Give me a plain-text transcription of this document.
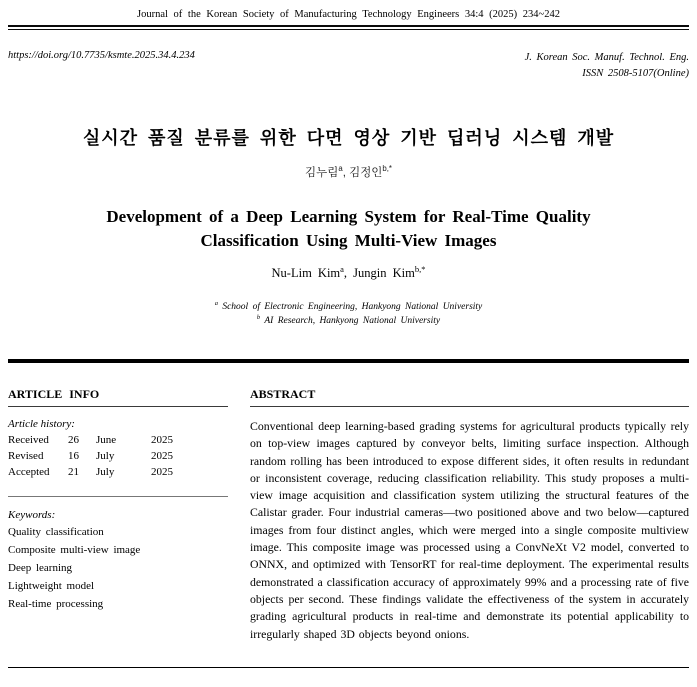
Journal of the Korean Society of Manufacturing Technology Engineers 34:4 (2025) 234~242
https://doi.org/10.7735/ksmte.2025.34.4.234	J. Korean Soc. Manuf. Technol. Eng.
ISSN 2508-5107(Online)
실시간 품질 분류를 위한 다면 영상 기반 딥러닝 시스템 개발
김누림$^a$, 김정인$^{b,*}$
Development of a Deep Learning System for Real-Time Quality
Classification Using Multi-View Images
Nu-Lim Kim$^a$, Jungin Kim$^{b,*}$
$^a$ School of Electronic Engineering, Hankyong National University
$^b$ AI Research, Hankyong National University
ARTICLE INFO
Article history:
Received	26	June	2025
Revised	16	July	2025
Accepted	21	July	2025
Keywords:
Quality classification
Composite multi-view image
Deep learning
Lightweight model
Real-time processing
ABSTRACT
Conventional deep learning-based grading systems for agricultural products typically rely on top-view images captured by conveyor belts, limiting surface inspection. Although random rolling has been introduced to expose different sides, it often results in redundant or inconsistent coverage, reducing classification reliability. This study proposes a multi-view image acquisition and classification system utilizing the structural features of the Calistar grader. Four industrial cameras—two positioned above and two below—captured images from four distinct angles, which were merged into a single composite multiview image. This composite image was processed using a ConvNeXt V2 model, converted to ONNX, and optimized with TensorRT for real-time deployment. The experimental results demonstrated a classification accuracy of approximately 99% and a processing rate of five objects per second. These findings validate the effectiveness of the system in accurately grading agricultural products in real-time and demonstrate its potential applicability to irregularly shaped 3D objects beyond onions.
